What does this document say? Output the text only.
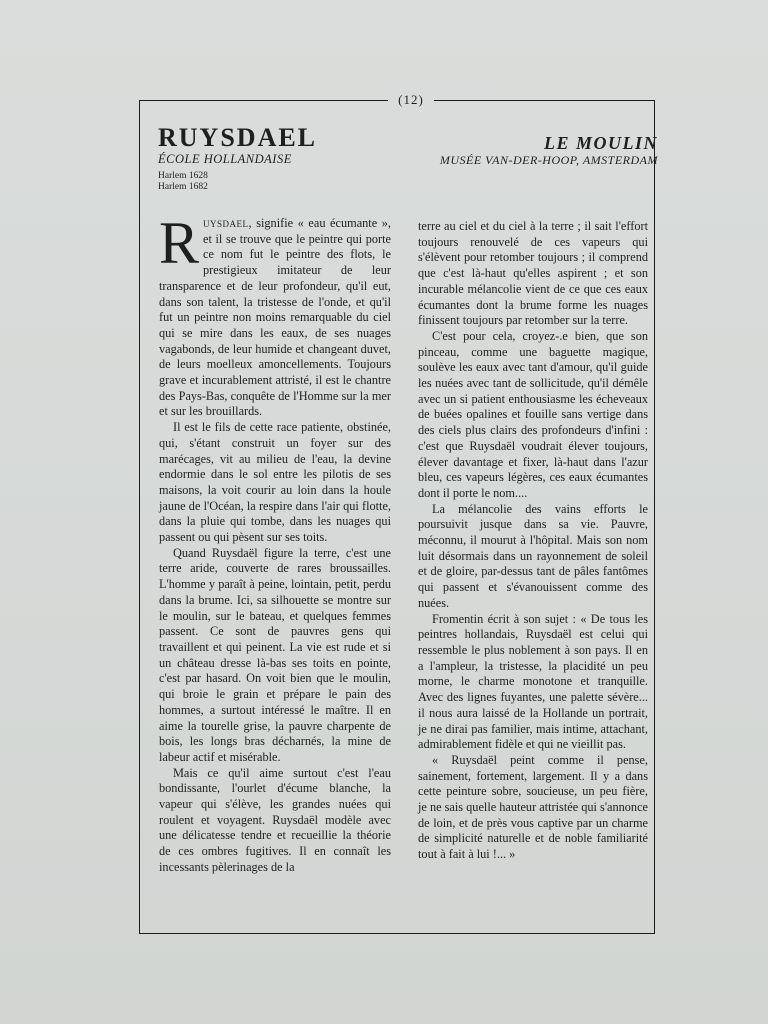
(12)
RUYSDAEL
ÉCOLE HOLLANDAISE
Harlem 1628
Harlem 1682
LE MOULIN
MUSÉE VAN-DER-HOOP, AMSTERDAM

Ruysdael, signifie « eau écumante », et il se trouve que le peintre qui porte ce nom fut le peintre des flots, le prestigieux imitateur de leur transparence et de leur profondeur, qu'il eut, dans son talent, la tristesse de l'onde, et qu'il fut un peintre non moins remarquable du ciel qui se mire dans les eaux, de ses nuages vagabonds, de leur humide et changeant duvet, de leurs moelleux amoncellements. Toujours grave et incurablement attristé, il est le chantre des Pays-Bas, conquête de l'Homme sur la mer et sur les brouillards.

Il est le fils de cette race patiente, obstinée, qui, s'étant construit un foyer sur des marécages, vit au milieu de l'eau, la devine endormie dans le sol entre les pilotis de ses maisons, la voit courir au loin dans la houle jaune de l'Océan, la respire dans l'air qui flotte, dans la pluie qui tombe, dans les nuages qui passent ou qui pèsent sur ses toits.

Quand Ruysdaël figure la terre, c'est une terre aride, couverte de rares broussailles. L'homme y paraît à peine, lointain, petit, perdu dans la brume. Ici, sa silhouette se montre sur le moulin, sur le bateau, et quelques femmes passent. Ce sont de pauvres gens qui travaillent et qui peinent. La vie est rude et si un château dresse là-bas ses toits en pointe, c'est par hasard. On voit bien que le moulin, qui broie le grain et prépare le pain des hommes, a surtout intéressé le maître. Il en aime la tourelle grise, la pauvre charpente de bois, les longs bras décharnés, la mine de labeur actif et misérable.

Mais ce qu'il aime surtout c'est l'eau bondissante, l'ourlet d'écume blanche, la vapeur qui s'élève, les grandes nuées qui roulent et voyagent. Ruysdaël modèle avec une délicatesse tendre et recueillie la théorie de ces ombres fugitives. Il en connaît les incessants pèlerinages de la

terre au ciel et du ciel à la terre ; il sait l'effort toujours renouvelé de ces vapeurs qui s'élèvent pour retomber toujours ; il comprend que c'est là-haut qu'elles aspirent ; et son incurable mélancolie vient de ce que ces eaux écumantes dont la brume forme les nuages finissent toujours par retomber sur la terre.

C'est pour cela, croyez-.e bien, que son pinceau, comme une baguette magique, soulève les eaux avec tant d'amour, qu'il guide les nuées avec tant de sollicitude, qu'il démêle avec un si patient enthousiasme les écheveaux de buées opalines et fouille sans vertige dans des ciels plus clairs des profondeurs d'infini : c'est que Ruysdaël voudrait élever toujours, élever davantage et fixer, là-haut dans l'azur bleu, ces vapeurs légères, ces eaux écumantes dont il porte le nom....

La mélancolie des vains efforts le poursuivit jusque dans sa vie. Pauvre, méconnu, il mourut à l'hôpital. Mais son nom luit désormais dans un rayonnement de soleil et de gloire, par-dessus tant de pâles fantômes qui passent et s'évanouissent comme des nuées.

Fromentin écrit à son sujet : « De tous les peintres hollandais, Ruysdaël est celui qui ressemble le plus noblement à son pays. Il en a l'ampleur, la tristesse, la placidité un peu morne, le charme monotone et tranquille. Avec des lignes fuyantes, une palette sévère... il nous aura laissé de la Hollande un portrait, je ne dirai pas familier, mais intime, attachant, admirablement fidèle et qui ne vieillit pas.

« Ruysdaël peint comme il pense, sainement, fortement, largement. Il y a dans cette peinture sobre, soucieuse, un peu fière, je ne sais quelle hauteur attristée qui s'annonce de loin, et de près vous captive par un charme de simplicité naturelle et de noble familiarité tout à fait à lui !... »
